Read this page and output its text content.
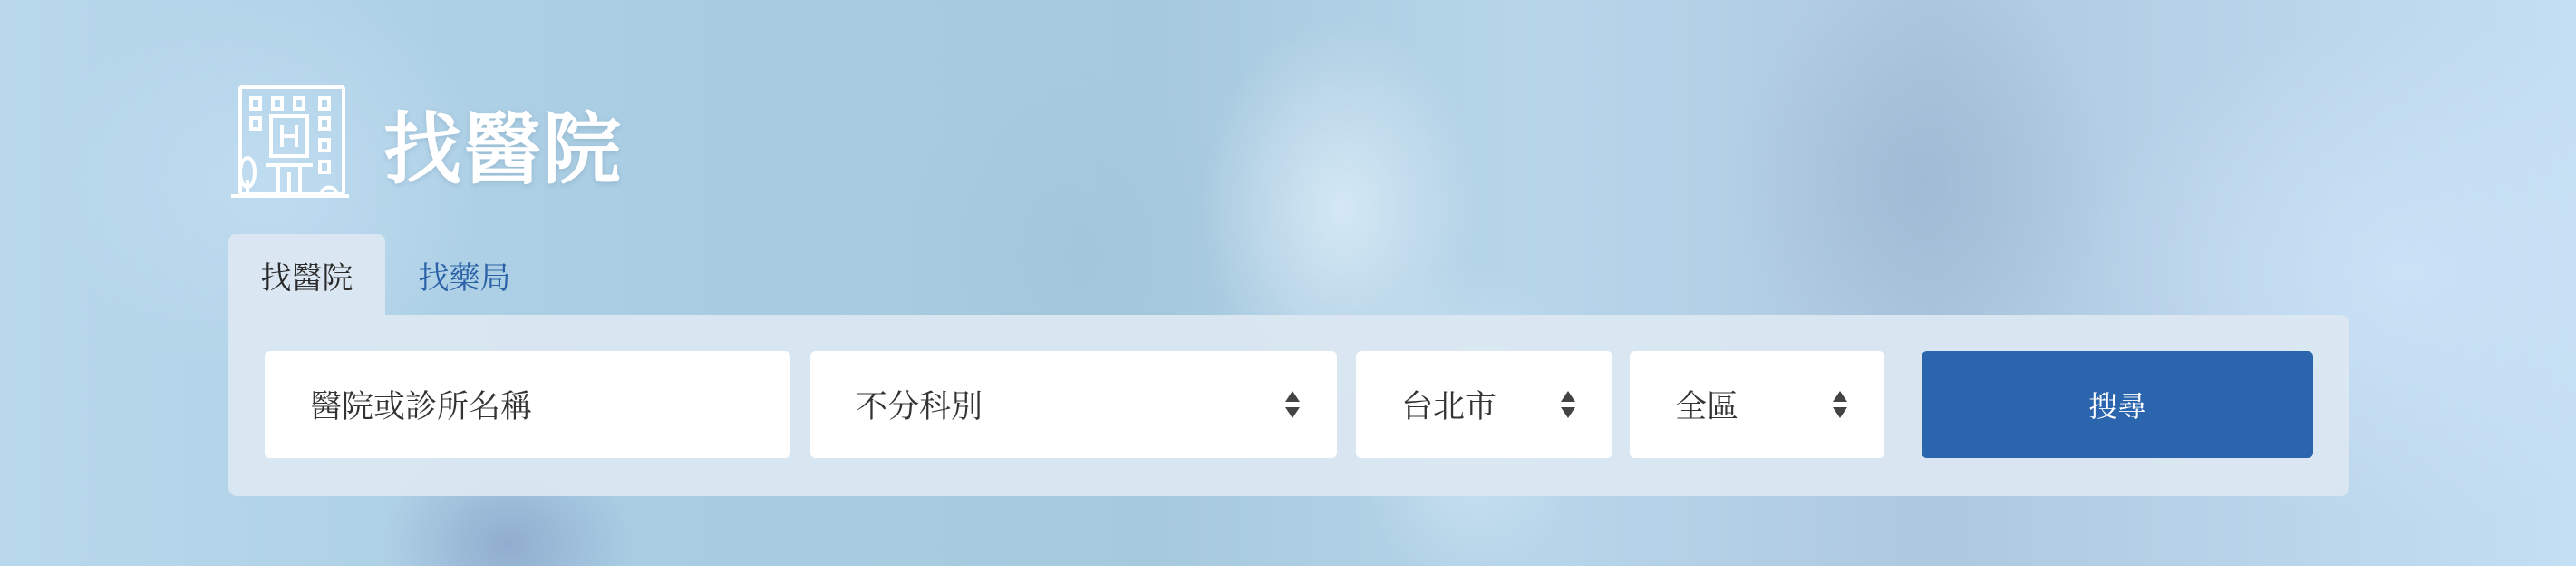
找醫院
找醫院	找藥局
醫院或診所名稱	不分科別	台北市	全區	搜尋
